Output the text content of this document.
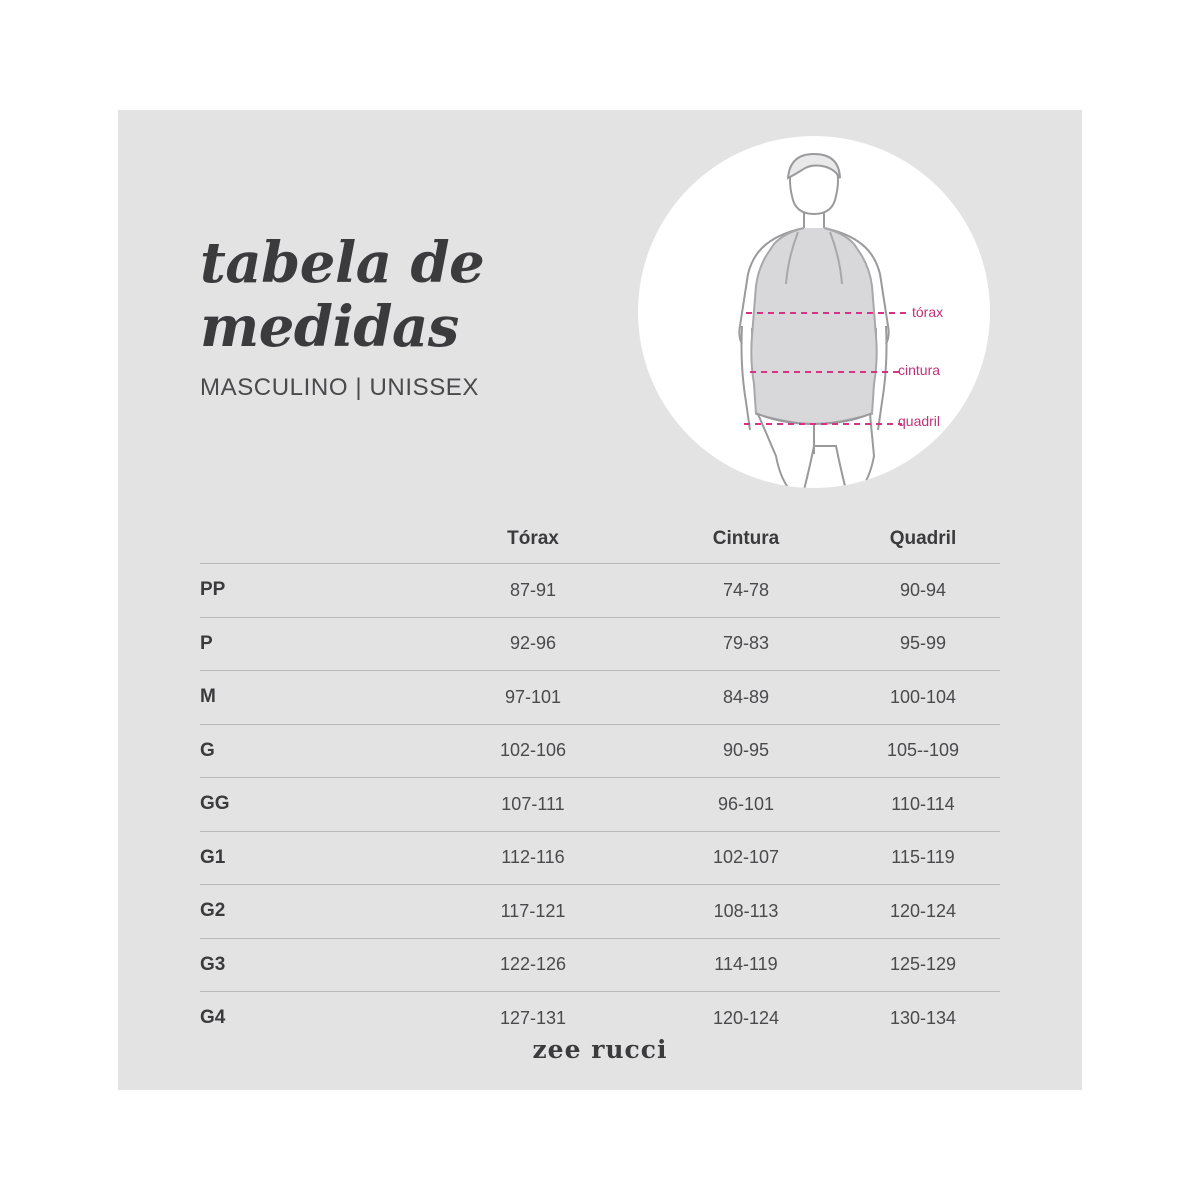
tabela de
medidas
MASCULINO | UNISSEX
tórax
cintura
quadril
Tórax	Cintura	Quadril
PP	87-91	74-78	90-94
P	92-96	79-83	95-99
M	97-101	84-89	100-104
G	102-106	90-95	105--109
GG	107-111	96-101	110-114
G1	112-116	102-107	115-119
G2	117-121	108-113	120-124
G3	122-126	114-119	125-129
G4	127-131	120-124	130-134
zee rucci
